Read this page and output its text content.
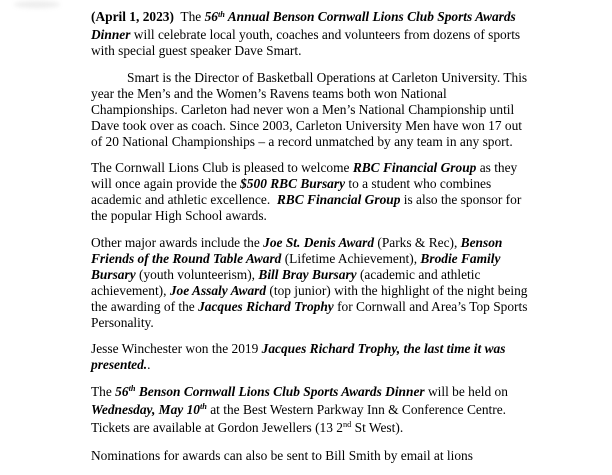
(April 1, 2023)  The 56th Annual Benson Cornwall Lions Club Sports Awards
Dinner will celebrate local youth, coaches and volunteers from dozens of sports
with special guest speaker Dave Smart.
Smart is the Director of Basketball Operations at Carleton University. This
year the Men’s and the Women’s Ravens teams both won National
Championships. Carleton had never won a Men’s National Championship until
Dave took over as coach. Since 2003, Carleton University Men have won 17 out
of 20 National Championships – a record unmatched by any team in any sport.
The Cornwall Lions Club is pleased to welcome RBC Financial Group as they
will once again provide the $500 RBC Bursary to a student who combines
academic and athletic excellence.  RBC Financial Group is also the sponsor for
the popular High School awards.
Other major awards include the Joe St. Denis Award (Parks & Rec), Benson
Friends of the Round Table Award (Lifetime Achievement), Brodie Family
Bursary (youth volunteerism), Bill Bray Bursary (academic and athletic
achievement), Joe Assaly Award (top junior) with the highlight of the night being
the awarding of the Jacques Richard Trophy for Cornwall and Area’s Top Sports
Personality.
Jesse Winchester won the 2019 Jacques Richard Trophy, the last time it was
presented..
The 56th Benson Cornwall Lions Club Sports Awards Dinner will be held on
Wednesday, May 10th at the Best Western Parkway Inn & Conference Centre.
Tickets are available at Gordon Jewellers (13 2nd St West).
Nominations for awards can also be sent to Bill Smith by email at lions
